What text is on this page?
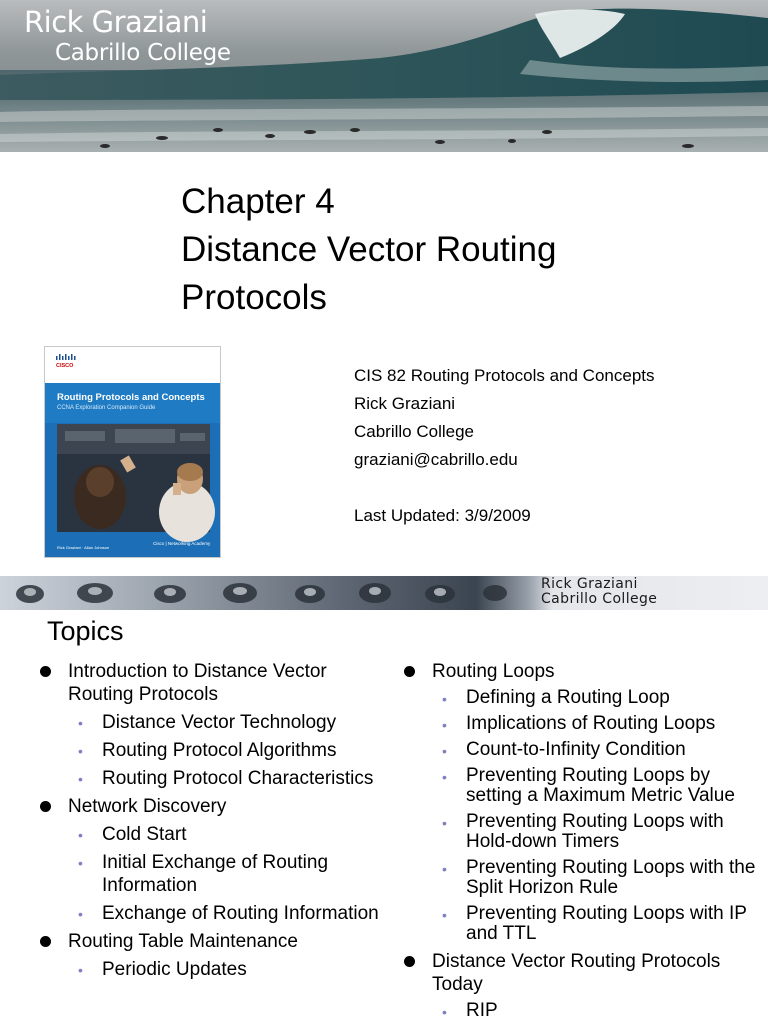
Rick Graziani
Cabrillo College
Chapter 4
Distance Vector Routing
Protocols
CISCO
Routing Protocols and Concepts
CCNA Exploration Companion Guide
Rick Graziani · Allan Johnson
Cisco | Networking Academy
CIS 82 Routing Protocols and Concepts
Rick Graziani
Cabrillo College
graziani@cabrillo.edu
Last Updated: 3/9/2009
Rick Graziani
Cabrillo College
Topics
Introduction to Distance Vector Routing Protocols
• Distance Vector Technology
• Routing Protocol Algorithms
• Routing Protocol Characteristics
Network Discovery
• Cold Start
• Initial Exchange of Routing Information
• Exchange of Routing Information
Routing Table Maintenance
• Periodic Updates
Routing Loops
• Defining a Routing Loop
• Implications of Routing Loops
• Count-to-Infinity Condition
• Preventing Routing Loops by setting a Maximum Metric Value
• Preventing Routing Loops with Hold-down Timers
• Preventing Routing Loops with the Split Horizon Rule
• Preventing Routing Loops with IP and TTL
Distance Vector Routing Protocols Today
• RIP
